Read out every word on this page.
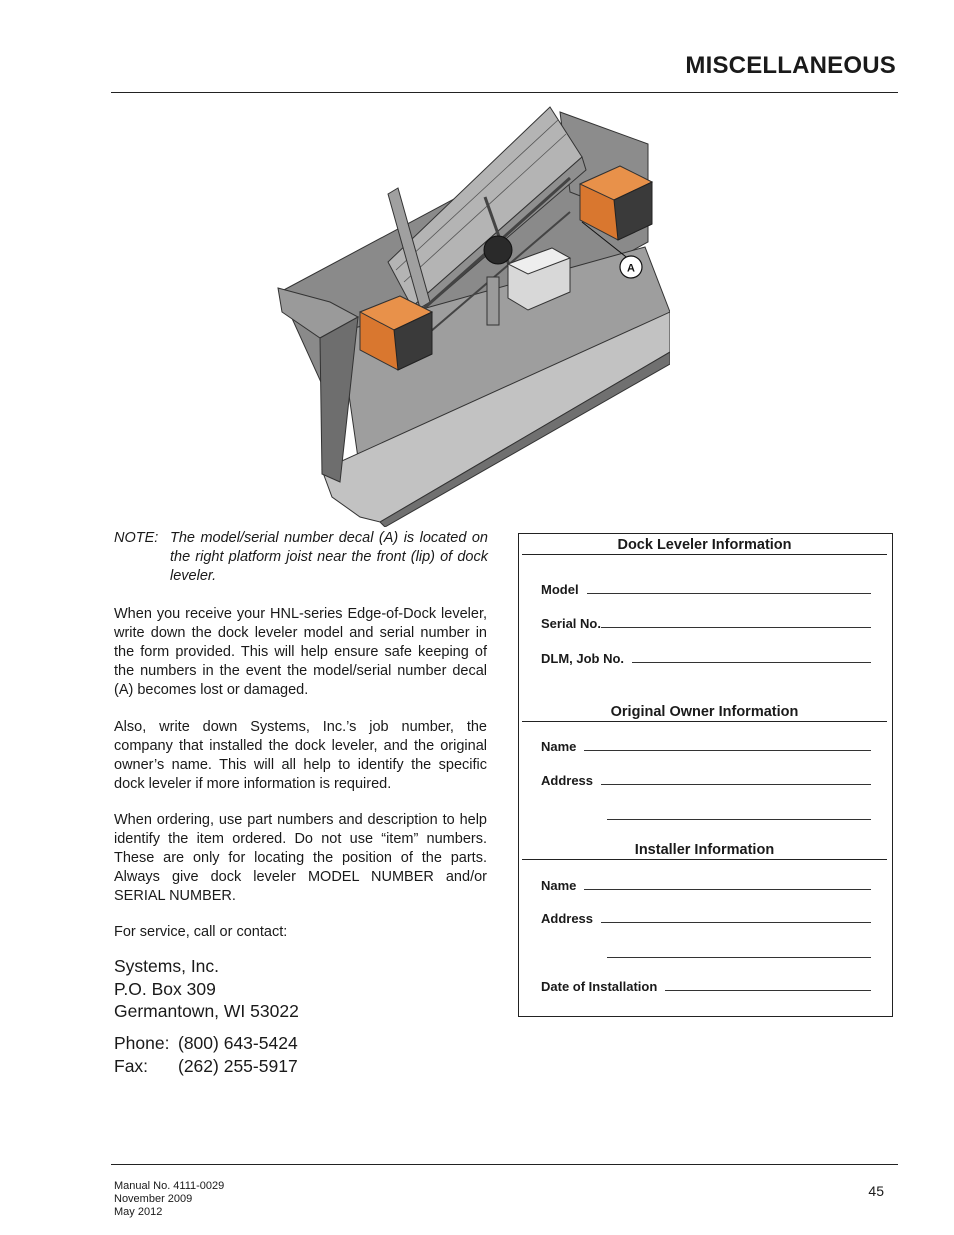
MISCELLANEOUS
A
NOTE: The model/serial number decal (A) is located on the right platform joist near the front (lip) of dock leveler.
When you receive your HNL-series Edge-of-Dock leveler, write down the dock leveler model and serial number in the form provided. This will help ensure safe keeping of the numbers in the event the model/serial number decal (A) becomes lost or damaged.
Also, write down Systems, Inc.’s job number, the company that installed the dock leveler, and the original owner’s name. This will all help to identify the specific dock leveler if more information is required.
When ordering, use part numbers and description to help identify the item ordered. Do not use “item” numbers. These are only for locating the position of the parts. Always give dock leveler MODEL NUMBER and/or SERIAL NUMBER.
For service, call or contact:
Systems, Inc.
P.O. Box 309
Germantown, WI 53022
Phone: (800) 643-5424
Fax: (262) 255-5917
Dock Leveler Information
Model
Serial No.
DLM, Job No.
Original Owner Information
Name
Address
Installer Information
Name
Address
Date of Installation
Manual No. 4111-0029
November 2009
May 2012
45
